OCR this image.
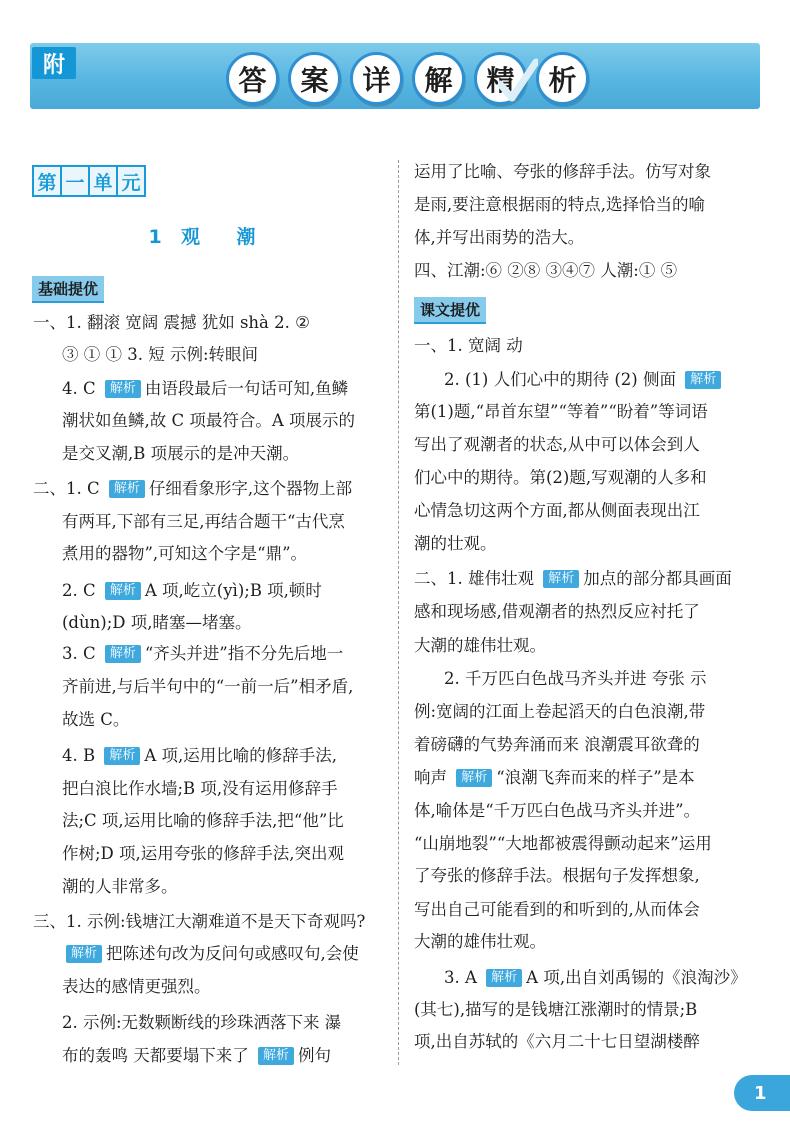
附	答	案	详	解	精	析
第 一 单 元
1  观    潮
基础提优
课文提优
一、1. 翻滚 宽阔 震撼 犹如 shà 2. ②
③ ① ① 3. 短 示例:转眼间
4. C 解析 由语段最后一句话可知,鱼鳞
潮状如鱼鳞,故 C 项最符合。A 项展示的
是交叉潮,B 项展示的是冲天潮。
二、1. C 解析 仔细看象形字,这个器物上部
有两耳,下部有三足,再结合题干“古代烹
煮用的器物”,可知这个字是“鼎”。
2. C 解析 A 项,屹立(yì);B 项,顿时
(dùn);D 项,睹塞—堵塞。
3. C 解析 “齐头并进”指不分先后地一
齐前进,与后半句中的“一前一后”相矛盾,
故选 C。
4. B 解析 A 项,运用比喻的修辞手法,
把白浪比作水墙;B 项,没有运用修辞手
法;C 项,运用比喻的修辞手法,把“他”比
作树;D 项,运用夸张的修辞手法,突出观
潮的人非常多。
三、1. 示例:钱塘江大潮难道不是天下奇观吗?
解析 把陈述句改为反问句或感叹句,会使
表达的感情更强烈。
2. 示例:无数颗断线的珍珠洒落下来 瀑
布的轰鸣 天都要塌下来了 解析 例句
运用了比喻、夸张的修辞手法。仿写对象
是雨,要注意根据雨的特点,选择恰当的喻
体,并写出雨势的浩大。
四、江潮:⑥ ②⑧ ③④⑦ 人潮:① ⑤
一、1. 宽阔 动
2. (1) 人们心中的期待 (2) 侧面 解析
第(1)题,“昂首东望”“等着”“盼着”等词语
写出了观潮者的状态,从中可以体会到人
们心中的期待。第(2)题,写观潮的人多和
心情急切这两个方面,都从侧面表现出江
潮的壮观。
二、1. 雄伟壮观 解析 加点的部分都具画面
感和现场感,借观潮者的热烈反应衬托了
大潮的雄伟壮观。
2. 千万匹白色战马齐头并进 夸张 示
例:宽阔的江面上卷起滔天的白色浪潮,带
着磅礴的气势奔涌而来 浪潮震耳欲聋的
响声 解析 “浪潮飞奔而来的样子”是本
体,喻体是“千万匹白色战马齐头并进”。
“山崩地裂”“大地都被震得颤动起来”运用
了夸张的修辞手法。根据句子发挥想象,
写出自己可能看到的和听到的,从而体会
大潮的雄伟壮观。
3. A 解析 A 项,出自刘禹锡的《浪淘沙》
(其七),描写的是钱塘江涨潮时的情景;B
项,出自苏轼的《六月二十七日望湖楼醉
1
